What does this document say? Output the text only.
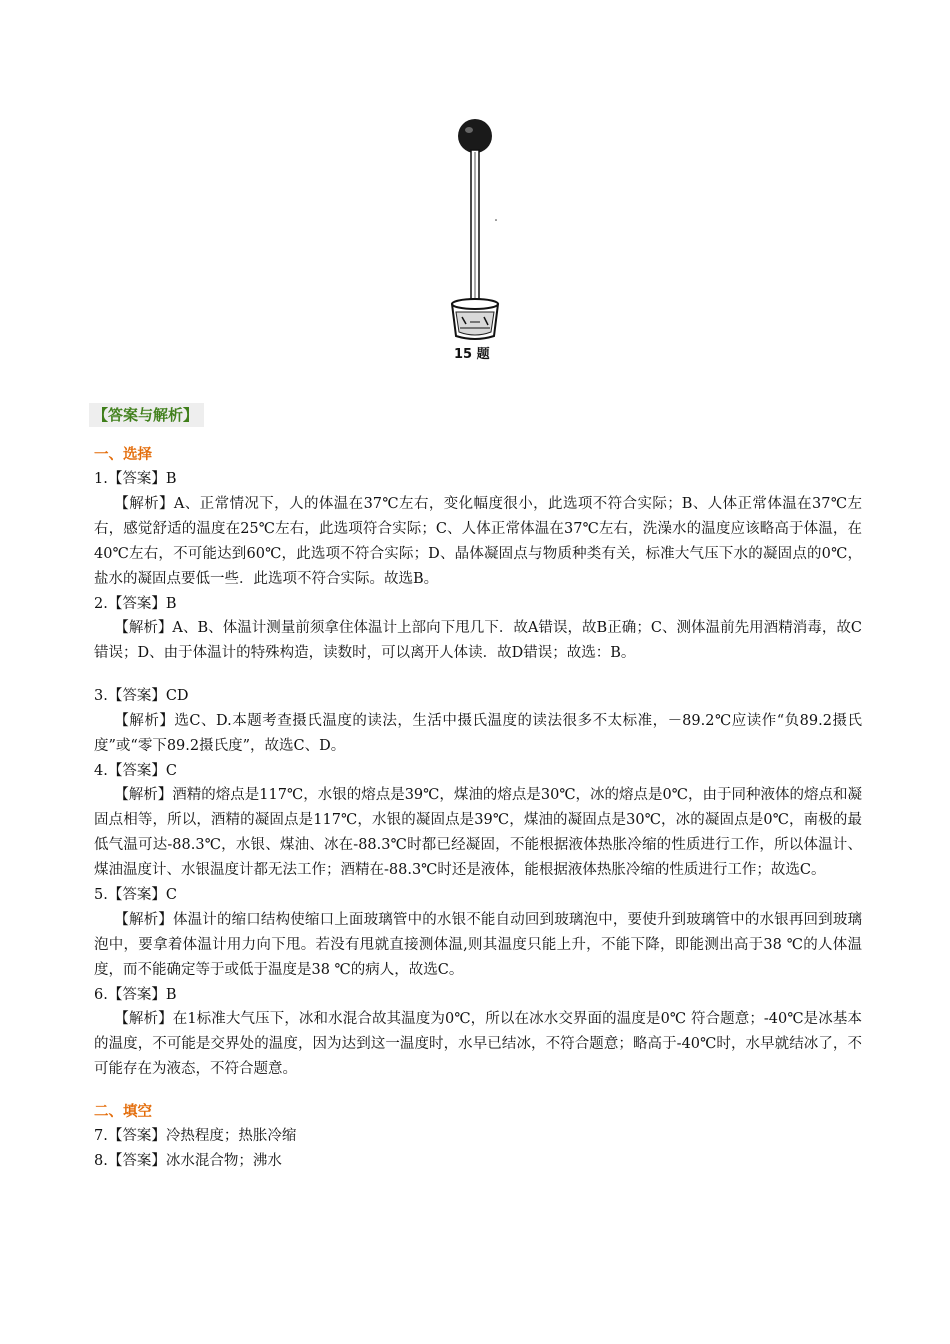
15 题
【答案与解析】
一、选择
1.【答案】B
【解析】A、正常情况下，人的体温在37℃左右，变化幅度很小，此选项不符合实际；B、人体正常体温在37℃左右，感觉舒适的温度在25℃左右，此选项符合实际；C、人体正常体温在37℃左右，洗澡水的温度应该略高于体温，在40℃左右，不可能达到60℃，此选项不符合实际；D、晶体凝固点与物质种类有关，标准大气压下水的凝固点的0℃，盐水的凝固点要低一些．此选项不符合实际。故选B。
2.【答案】B
【解析】A、B、体温计测量前须拿住体温计上部向下甩几下．故A错误，故B正确；C、测体温前先用酒精消毒，故C错误；D、由于体温计的特殊构造，读数时，可以离开人体读．故D错误；故选：B。
3.【答案】CD
【解析】选C、D.本题考查摄氏温度的读法，生活中摄氏温度的读法很多不太标准，－89.2℃应读作“负89.2摄氏度”或“零下89.2摄氏度”，故选C、D。
4.【答案】C
【解析】酒精的熔点是117℃，水银的熔点是39℃，煤油的熔点是30℃，冰的熔点是0℃，由于同种液体的熔点和凝固点相等，所以，酒精的凝固点是117℃，水银的凝固点是39℃，煤油的凝固点是30℃，冰的凝固点是0℃，南极的最低气温可达-88.3℃，水银、煤油、冰在-88.3℃时都已经凝固，不能根据液体热胀冷缩的性质进行工作，所以体温计、煤油温度计、水银温度计都无法工作；酒精在-88.3℃时还是液体，能根据液体热胀冷缩的性质进行工作；故选C。
5.【答案】C
【解析】体温计的缩口结构使缩口上面玻璃管中的水银不能自动回到玻璃泡中，要使升到玻璃管中的水银再回到玻璃泡中，要拿着体温计用力向下甩。若没有甩就直接测体温,则其温度只能上升，不能下降，即能测出高于38 ℃的人体温度，而不能确定等于或低于温度是38 ℃的病人，故选C。
6.【答案】B
【解析】在1标准大气压下，冰和水混合故其温度为0℃，所以在冰水交界面的温度是0℃ 符合题意；-40℃是冰基本的温度，不可能是交界处的温度，因为达到这一温度时，水早已结冰，不符合题意；略高于-40℃时，水早就结冰了，不可能存在为液态，不符合题意。
二、填空
7.【答案】冷热程度；热胀冷缩
8.【答案】冰水混合物；沸水
